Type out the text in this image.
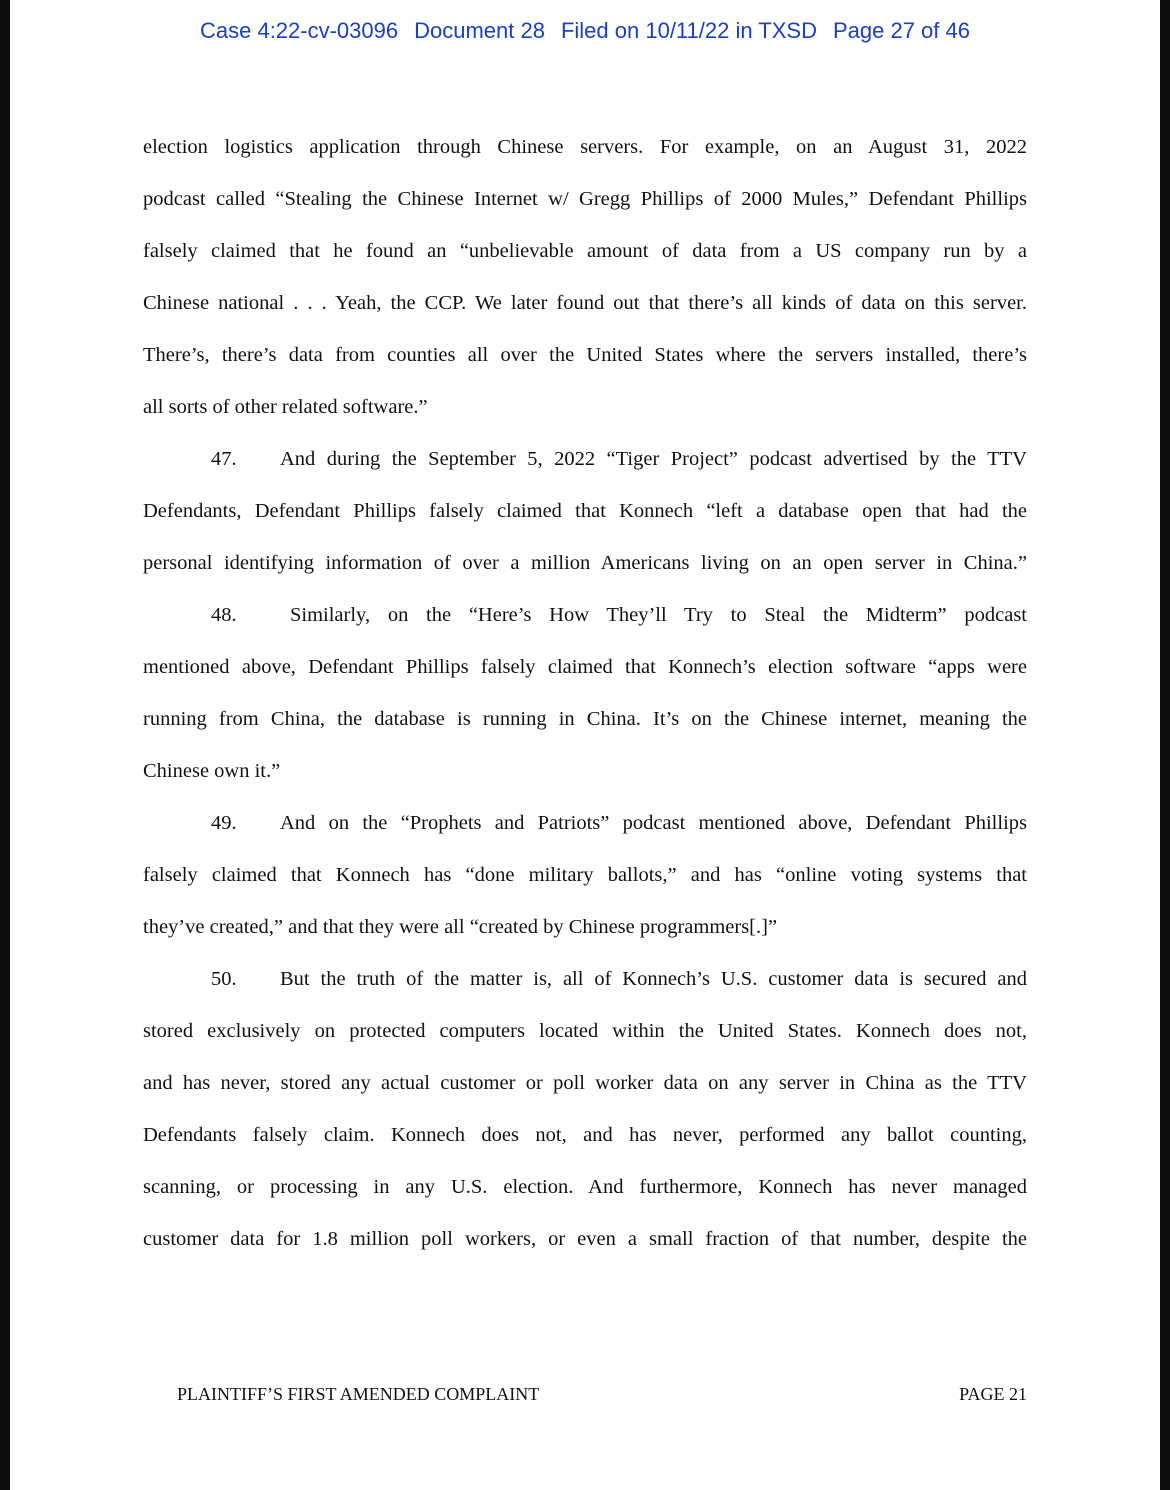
Case 4:22-cv-03096 Document 28 Filed on 10/11/22 in TXSD Page 27 of 46
election logistics application through Chinese servers. For example, on an August 31, 2022
podcast called “Stealing the Chinese Internet w/ Gregg Phillips of 2000 Mules,” Defendant Phillips
falsely claimed that he found an “unbelievable amount of data from a US company run by a
Chinese national . . . Yeah, the CCP. We later found out that there’s all kinds of data on this server.
There’s, there’s data from counties all over the United States where the servers installed, there’s
all sorts of other related software.”
47. And during the September 5, 2022 “Tiger Project” podcast advertised by the TTV
Defendants, Defendant Phillips falsely claimed that Konnech “left a database open that had the
personal identifying information of over a million Americans living on an open server in China.”
48.	Similarly, on the “Here’s How They’ll Try to Steal the Midterm” podcast
mentioned above, Defendant Phillips falsely claimed that Konnech’s election software “apps were
running from China, the database is running in China. It’s on the Chinese internet, meaning the
Chinese own it.”
49. And on the “Prophets and Patriots” podcast mentioned above, Defendant Phillips
falsely claimed that Konnech has “done military ballots,” and has “online voting systems that
they’ve created,” and that they were all “created by Chinese programmers[.]”
50. But the truth of the matter is, all of Konnech’s U.S. customer data is secured and
stored exclusively on protected computers located within the United States. Konnech does not,
and has never, stored any actual customer or poll worker data on any server in China as the TTV
Defendants falsely claim. Konnech does not, and has never, performed any ballot counting,
scanning, or processing in any U.S. election. And furthermore, Konnech has never managed
customer data for 1.8 million poll workers, or even a small fraction of that number, despite the
PLAINTIFF’S FIRST AMENDED COMPLAINT	PAGE 21
